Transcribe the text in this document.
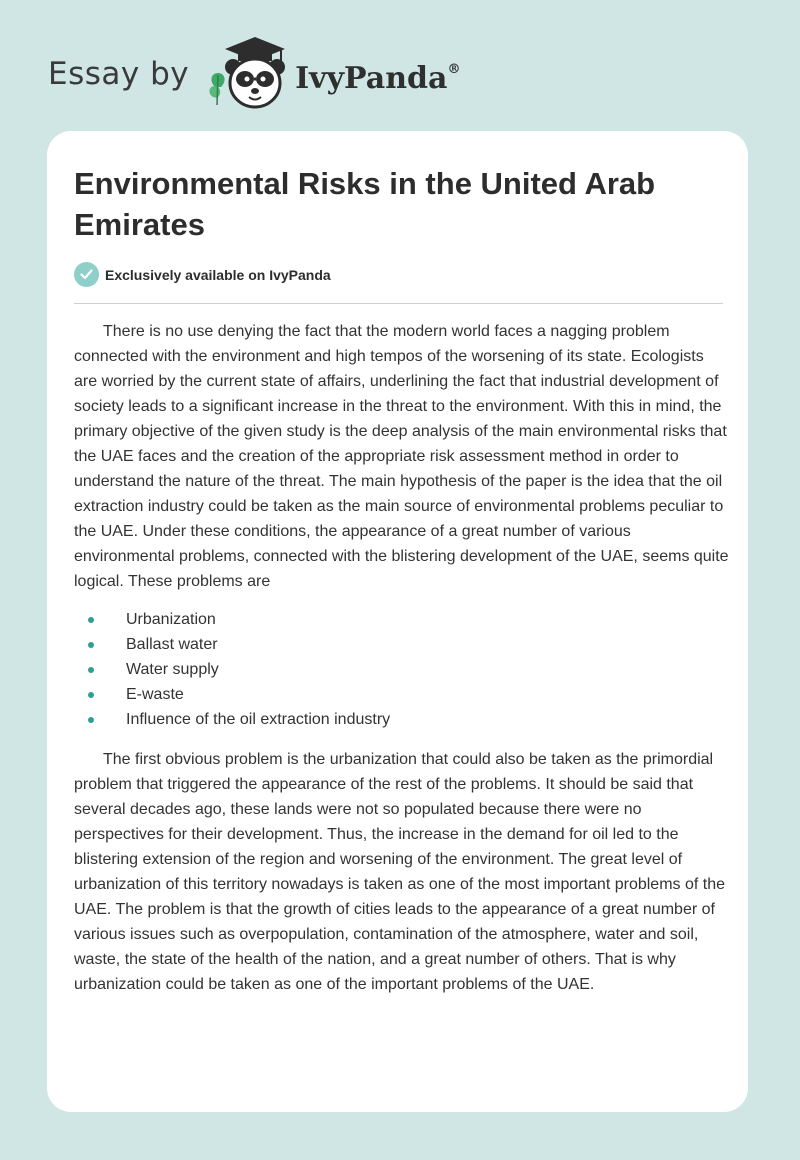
Essay by	IvyPanda®
Environmental Risks in the United Arab Emirates
Exclusively available on IvyPanda

There is no use denying the fact that the modern world faces a nagging problem connected with the environment and high tempos of the worsening of its state. Ecologists are worried by the current state of affairs, underlining the fact that industrial development of society leads to a significant increase in the threat to the environment. With this in mind, the primary objective of the given study is the deep analysis of the main environmental risks that the UAE faces and the creation of the appropriate risk assessment method in order to understand the nature of the threat. The main hypothesis of the paper is the idea that the oil extraction industry could be taken as the main source of environmental problems peculiar to the UAE. Under these conditions, the appearance of a great number of various environmental problems, connected with the blistering development of the UAE, seems quite logical. These problems are

Urbanization
Ballast water
Water supply
E-waste
Influence of the oil extraction industry

The first obvious problem is the urbanization that could also be taken as the primordial problem that triggered the appearance of the rest of the problems. It should be said that several decades ago, these lands were not so populated because there were no perspectives for their development. Thus, the increase in the demand for oil led to the blistering extension of the region and worsening of the environment. The great level of urbanization of this territory nowadays is taken as one of the most important problems of the UAE. The problem is that the growth of cities leads to the appearance of a great number of various issues such as overpopulation, contamination of the atmosphere, water and soil, waste, the state of the health of the nation, and a great number of others. That is why urbanization could be taken as one of the important problems of the UAE.
